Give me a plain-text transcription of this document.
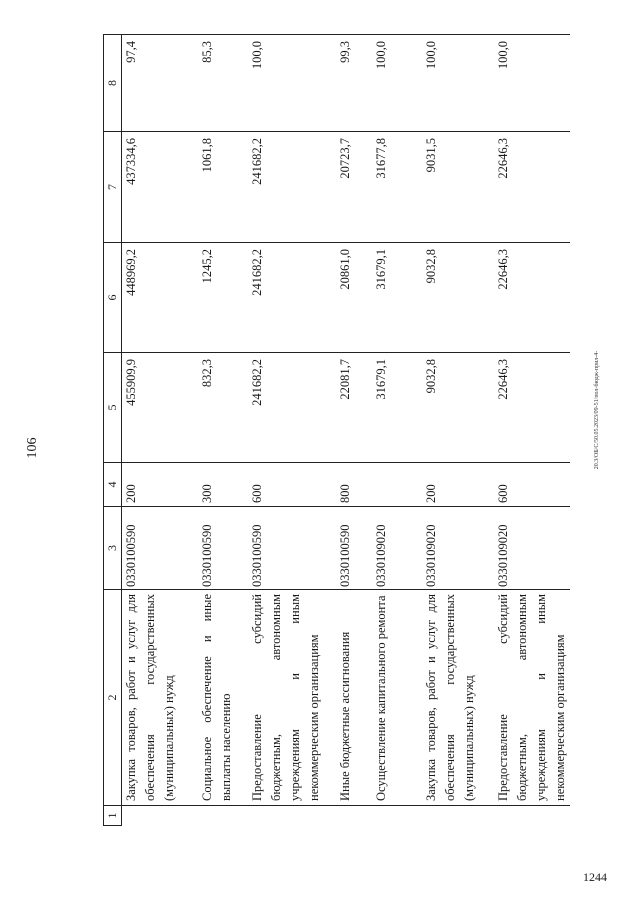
106
1	2	3	4	5	6	7	8
	Закупка товаров, работ и услуг для обеспечения государственных (муниципальных) нужд	0330100590	200	455909,9	448969,2	437334,6	97,4
	Социальное обеспечение и иные выплаты населению	0330100590	300	832,3	1245,2	1061,8	85,3
	Предоставление субсидий бюджетным, автономным учреждениям и иным некоммерческим организациям	0330100590	600	241682,2	241682,2	241682,2	100,0
	Иные бюджетные ассигнования	0330100590	800	22081,7	20861,0	20723,7	99,3
	Осуществление капитального ремонта	0330109020		31679,1	31679,1	31677,8	100,0
	Закупка товаров, работ и услуг для обеспечения государственных (муниципальных) нужд	0330109020	200	9032,8	9032,8	9031,5	100,0
	Предоставление субсидий бюджетным, автономным учреждениям и иным некоммерческим организациям	0330109020	600	22646,3	22646,3	22646,3	100,0
20.3/ОБ/С/50.05.2023/09-51/пол-бюдж-прил-4-
1244
